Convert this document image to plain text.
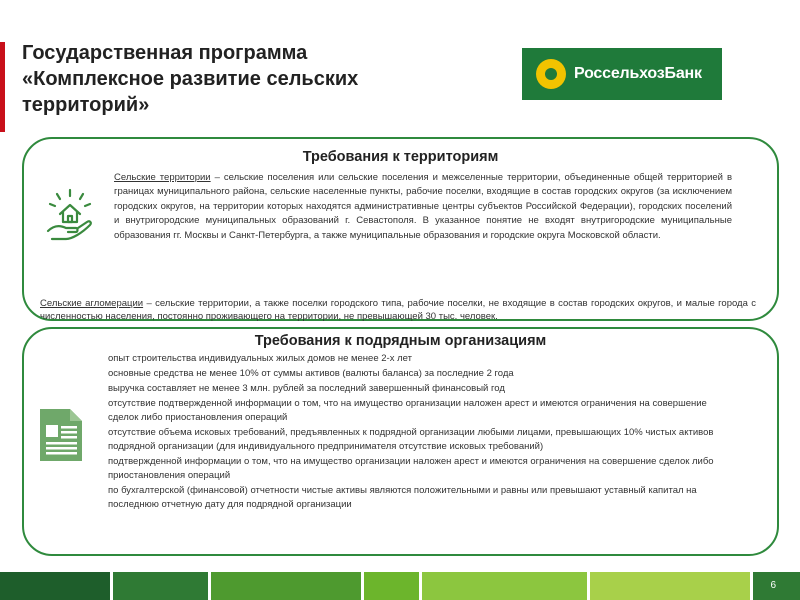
Государственная программа «Комплексное развитие сельских территорий»
РоссельхозБанк
Требования к территориям
Сельские территории – сельские поселения или сельские поселения и межселенные территории, объединенные общей территорией в границах муниципального района, сельские населенные пункты, рабочие поселки, входящие в состав городских округов (за исключением городских округов, на территории которых находятся административные центры субъектов Российской Федерации), городских поселений и внутригородские муниципальных образований г. Севастополя. В указанное понятие не входят внутригородские муниципальные образования гг. Москвы и Санкт-Петербурга, а также муниципальные образования и городские округа Московской области.
Сельские агломерации – сельские территории, а также поселки городского типа, рабочие поселки, не входящие в состав городских округов, и малые города с численностью населения, постоянно проживающего на территории, не превышающей 30 тыс. человек.
Требования к подрядным организациям
опыт строительства индивидуальных жилых домов не менее 2-х лет
основные средства не менее 10% от суммы активов (валюты баланса) за последние 2 года
выручка составляет не менее 3 млн. рублей за последний завершенный финансовый год
отсутствие подтвержденной информации о том, что на имущество организации наложен арест и имеются ограничения на совершение сделок либо приостановления операций
отсутствие объема исковых требований, предъявленных к подрядной организации любыми лицами, превышающих 10% чистых активов подрядной организации (для индивидуального предпринимателя отсутствие исковых требований)
подтвержденной информации о том, что на имущество организации наложен арест и имеются ограничения на совершение сделок либо приостановления операций
по бухгалтерской (финансовой) отчетности чистые активы являются положительными и равны или превышают уставный капитал на последнюю отчетную дату для подрядной организации
6
